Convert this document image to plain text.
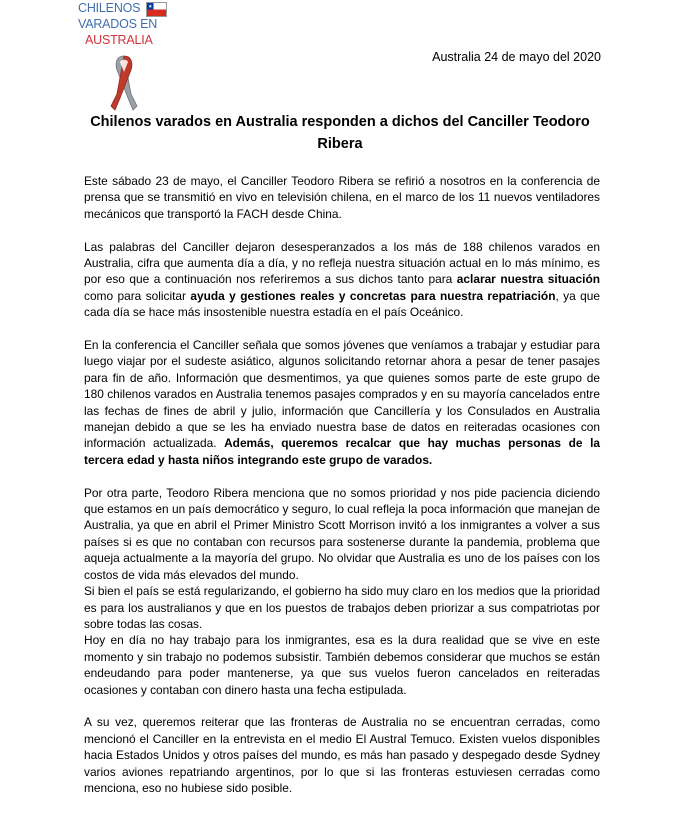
CHILENOS
VARADOS EN
AUSTRALIA
Australia 24 de mayo del 2020
Chilenos varados en Australia responden a dichos del Canciller Teodoro Ribera

Este sábado 23 de mayo, el Canciller Teodoro Ribera se refirió a nosotros en la conferencia de prensa que se transmitió en vivo en televisión chilena, en el marco de los 11 nuevos ventiladores mecánicos que transportó la FACH desde China.

Las palabras del Canciller dejaron desesperanzados a los más de 188 chilenos varados en Australia, cifra que aumenta día a día, y no refleja nuestra situación actual en lo más mínimo, es por eso que a continuación nos referiremos a sus dichos tanto para aclarar nuestra situación como para solicitar ayuda y gestiones reales y concretas para nuestra repatriación, ya que cada día se hace más insostenible nuestra estadía en el país Oceánico.

En la conferencia el Canciller señala que somos jóvenes que veníamos a trabajar y estudiar para luego viajar por el sudeste asiático, algunos solicitando retornar ahora a pesar de tener pasajes para fin de año. Información que desmentimos, ya que quienes somos parte de este grupo de 180 chilenos varados en Australia tenemos pasajes comprados y en su mayoría cancelados entre las fechas de fines de abril y julio, información que Cancillería y los Consulados en Australia manejan debido a que se les ha enviado nuestra base de datos en reiteradas ocasiones con información actualizada. Además, queremos recalcar que hay muchas personas de la tercera edad y hasta niños integrando este grupo de varados.

Por otra parte, Teodoro Ribera menciona que no somos prioridad y nos pide paciencia diciendo que estamos en un país democrático y seguro, lo cual refleja la poca información que manejan de Australia, ya que en abril el Primer Ministro Scott Morrison invitó a los inmigrantes a volver a sus países si es que no contaban con recursos para sostenerse durante la pandemia, problema que aqueja actualmente a la mayoría del grupo. No olvidar que Australia es uno de los países con los costos de vida más elevados del mundo.

Si bien el país se está regularizando, el gobierno ha sido muy claro en los medios que la prioridad es para los australianos y que en los puestos de trabajos deben priorizar a sus compatriotas por sobre todas las cosas.

Hoy en día no hay trabajo para los inmigrantes, esa es la dura realidad que se vive en este momento y sin trabajo no podemos subsistir. También debemos considerar que muchos se están endeudando para poder mantenerse, ya que sus vuelos fueron cancelados en reiteradas ocasiones y contaban con dinero hasta una fecha estipulada.

A su vez, queremos reiterar que las fronteras de Australia no se encuentran cerradas, como mencionó el Canciller en la entrevista en el medio El Austral Temuco. Existen vuelos disponibles hacia Estados Unidos y otros países del mundo, es más han pasado y despegado desde Sydney varios aviones repatriando argentinos, por lo que si las fronteras estuviesen cerradas como menciona, eso no hubiese sido posible.
